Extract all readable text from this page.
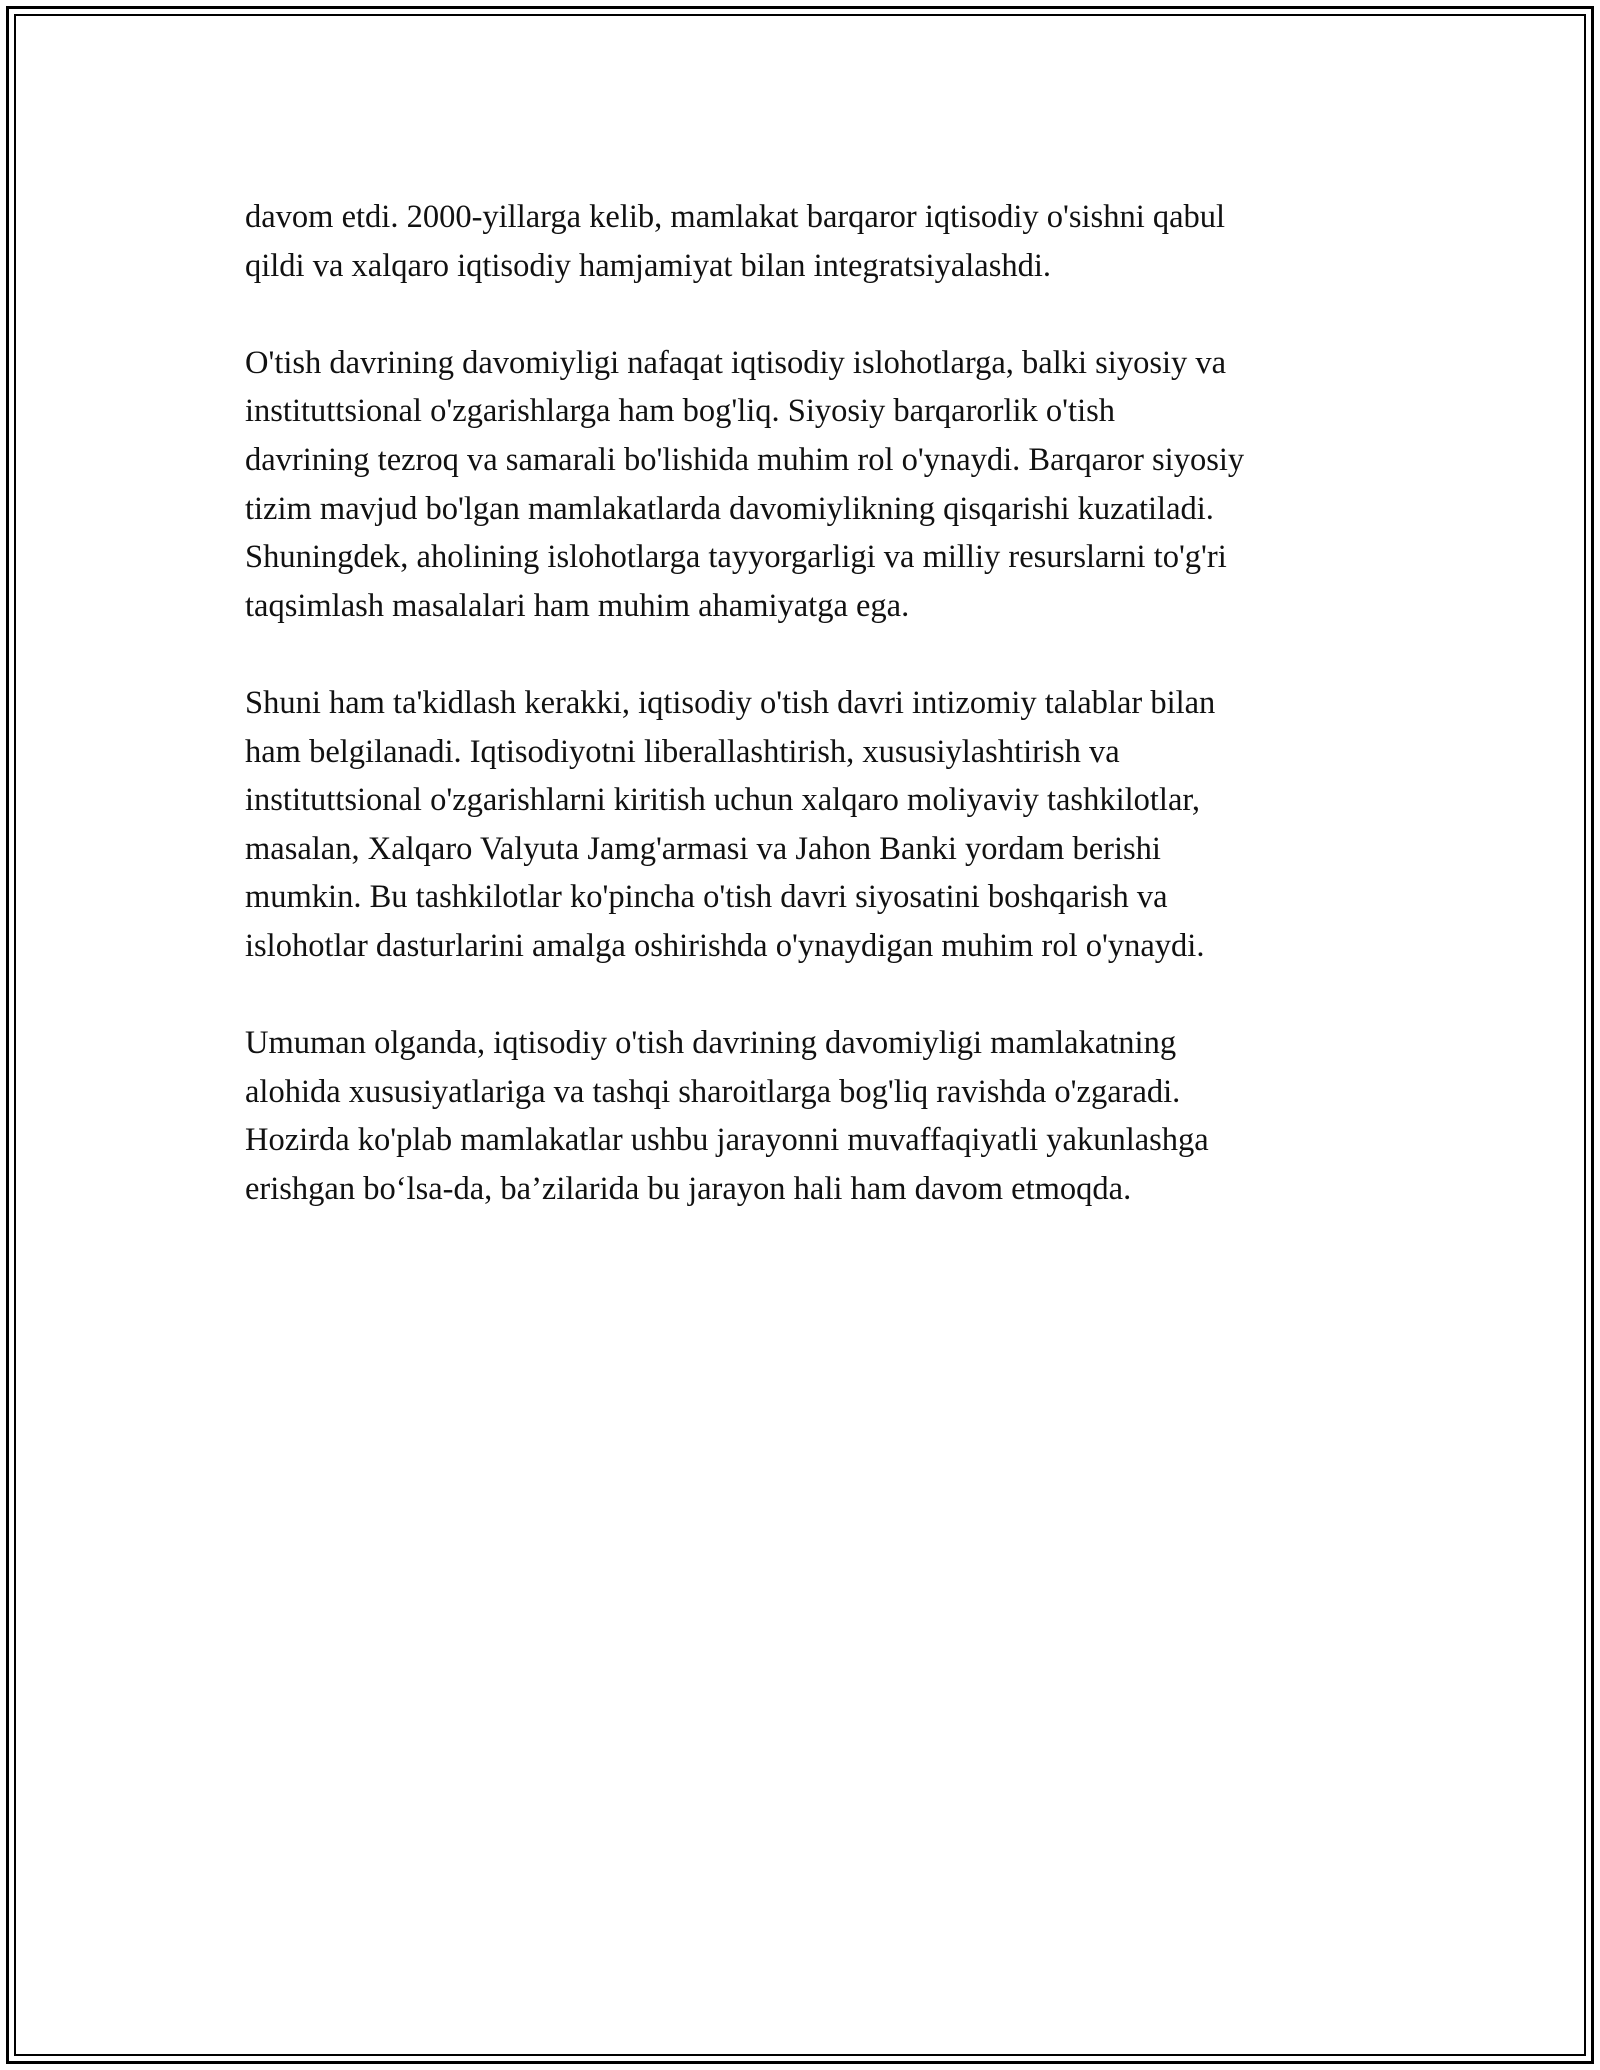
davom etdi. 2000-yillarga kelib, mamlakat barqaror iqtisodiy o'sishni qabul
qildi va xalqaro iqtisodiy hamjamiyat bilan integratsiyalashdi.

O'tish davrining davomiyligi nafaqat iqtisodiy islohotlarga, balki siyosiy va
instituttsional o'zgarishlarga ham bog'liq. Siyosiy barqarorlik o'tish
davrining tezroq va samarali bo'lishida muhim rol o'ynaydi. Barqaror siyosiy
tizim mavjud bo'lgan mamlakatlarda davomiylikning qisqarishi kuzatiladi.
Shuningdek, aholining islohotlarga tayyorgarligi va milliy resurslarni to'g'ri
taqsimlash masalalari ham muhim ahamiyatga ega.

Shuni ham ta'kidlash kerakki, iqtisodiy o'tish davri intizomiy talablar bilan
ham belgilanadi. Iqtisodiyotni liberallashtirish, xususiylashtirish va
instituttsional o'zgarishlarni kiritish uchun xalqaro moliyaviy tashkilotlar,
masalan, Xalqaro Valyuta Jamg'armasi va Jahon Banki yordam berishi
mumkin. Bu tashkilotlar ko'pincha o'tish davri siyosatini boshqarish va
islohotlar dasturlarini amalga oshirishda o'ynaydigan muhim rol o'ynaydi.

Umuman olganda, iqtisodiy o'tish davrining davomiyligi mamlakatning
alohida xususiyatlariga va tashqi sharoitlarga bog'liq ravishda o'zgaradi.
Hozirda ko'plab mamlakatlar ushbu jarayonni muvaffaqiyatli yakunlashga
erishgan bo‘lsa-da, ba’zilarida bu jarayon hali ham davom etmoqda.
